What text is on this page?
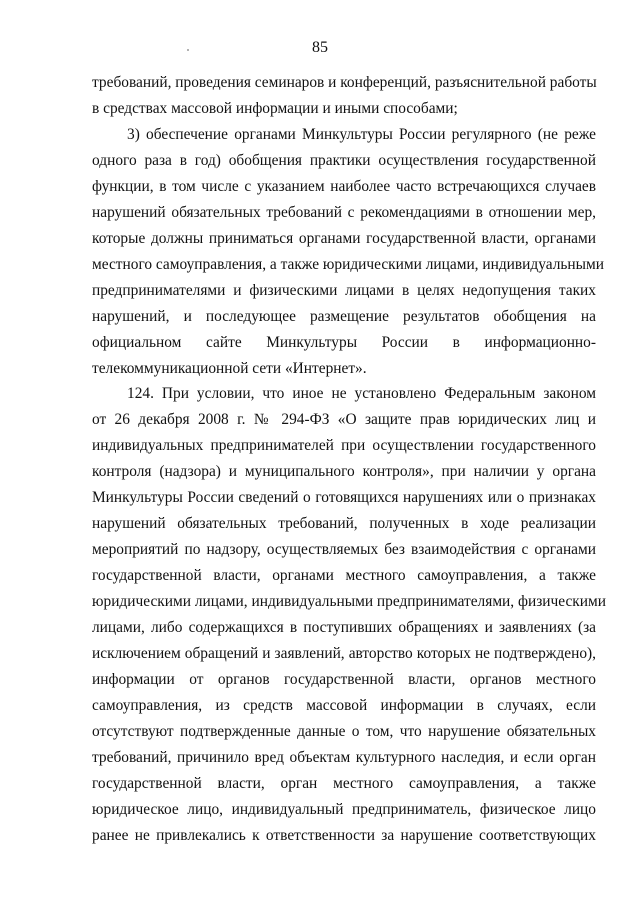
85
требований, проведения семинаров и конференций, разъяснительной работы
в средствах массовой информации и иными способами;
3) обеспечение органами Минкультуры России регулярного (не реже
одного раза в год) обобщения практики осуществления государственной
функции, в том числе с указанием наиболее часто встречающихся случаев
нарушений обязательных требований с рекомендациями в отношении мер,
которые должны приниматься органами государственной власти, органами
местного самоуправления, а также юридическими лицами, индивидуальными
предпринимателями и физическими лицами в целях недопущения таких
нарушений, и последующее размещение результатов обобщения на
официальном сайте Минкультуры России в информационно-
телекоммуникационной сети «Интернет».
124. При условии, что иное не установлено Федеральным законом
от 26 декабря 2008 г. № 294-ФЗ «О защите прав юридических лиц и
индивидуальных предпринимателей при осуществлении государственного
контроля (надзора) и муниципального контроля», при наличии у органа
Минкультуры России сведений о готовящихся нарушениях или о признаках
нарушений обязательных требований, полученных в ходе реализации
мероприятий по надзору, осуществляемых без взаимодействия с органами
государственной власти, органами местного самоуправления, а также
юридическими лицами, индивидуальными предпринимателями, физическими
лицами, либо содержащихся в поступивших обращениях и заявлениях (за
исключением обращений и заявлений, авторство которых не подтверждено),
информации от органов государственной власти, органов местного
самоуправления, из средств массовой информации в случаях, если
отсутствуют подтвержденные данные о том, что нарушение обязательных
требований, причинило вред объектам культурного наследия, и если орган
государственной власти, орган местного самоуправления, а также
юридическое лицо, индивидуальный предприниматель, физическое лицо
ранее не привлекались к ответственности за нарушение соответствующих
